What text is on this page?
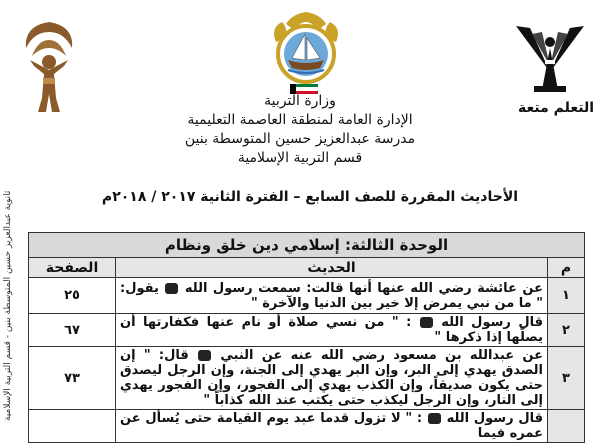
ثانوية عبدالعزيز حسين المتوسطة بنين - قسم التربية الإسلامية
التعلم متعة
وزارة التربية
الإدارة العامة لمنطقة العاصمة التعليمية
مدرسة عبدالعزيز حسين المتوسطة بنين
قسم التربية الإسلامية
الأحاديث المقررة للصف السابع – الفترة الثانية ٢٠١٧ / ٢٠١٨م
الوحدة الثالثة: إسلامي دين خلق ونظام		
م	الحديث	الصفحة
١	عن عائشة رضي الله عنها أنها قالت: سمعت رسول الله  يقول: " ما من نبي يمرض إلا خير بين الدنيا والآخرة "	٢٥
٢	قال رسول الله  : " من نسي صلاة أو نام عنها فكفارتها أن يصلّها إذا ذكرها "	٦٧
٣	عن عبدالله بن مسعود رضي الله عنه عن النبي  قال: " إن الصدق يهدي إلى البر، وإن البر يهدي إلى الجنة، وإن الرجل ليصدق حتى يكون صديقاً، وإن الكذب يهدي إلى الفجور، وإن الفجور يهدي إلى النار، وإن الرجل ليكذب حتى يكتب عند الله كذاباً "	٧٣
	قال رسول الله  : " لا تزول قدما عبد يوم القيامة حتى يُسأل عن عمره فيما	
